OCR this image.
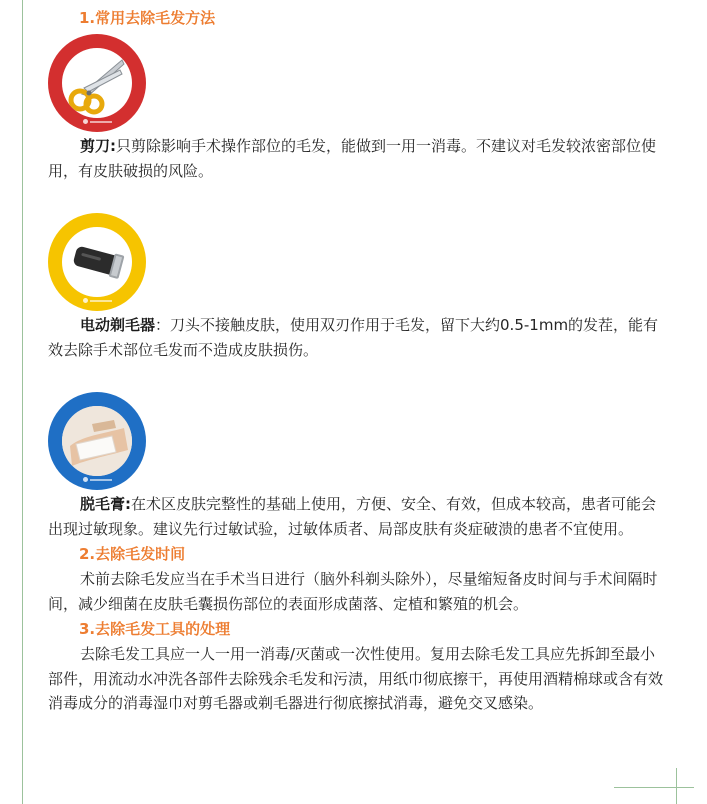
1.常用去除毛发方法

剪刀:只剪除影响手术操作部位的毛发，能做到一用一消毒。不建议对毛发较浓密部位使用，有皮肤破损的风险。

电动剃毛器：刀头不接触皮肤，使用双刃作用于毛发，留下大约0.5-1mm的发茬，能有效去除手术部位毛发而不造成皮肤损伤。

脱毛膏:在术区皮肤完整性的基础上使用，方便、安全、有效，但成本较高，患者可能会出现过敏现象。建议先行过敏试验，过敏体质者、局部皮肤有炎症破溃的患者不宜使用。

2.去除毛发时间

术前去除毛发应当在手术当日进行（脑外科剃头除外），尽量缩短备皮时间与手术间隔时间，减少细菌在皮肤毛囊损伤部位的表面形成菌落、定植和繁殖的机会。

3.去除毛发工具的处理

去除毛发工具应一人一用一消毒/灭菌或一次性使用。复用去除毛发工具应先拆卸至最小部件，用流动水冲洗各部件去除残余毛发和污渍，用纸巾彻底擦干，再使用酒精棉球或含有效消毒成分的消毒湿巾对剪毛器或剃毛器进行彻底擦拭消毒，避免交叉感染。
